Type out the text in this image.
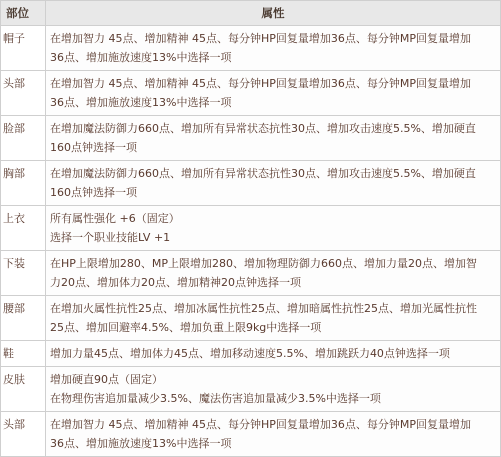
部位	属性
帽子	在增加智力 45点、增加精神 45点、每分钟HP回复量增加36点、每分钟MP回复量增加
36点、增加施放速度13%中选择一项

头部	在增加智力 45点、增加精神 45点、每分钟HP回复量增加36点、每分钟MP回复量增加
36点、增加施放速度13%中选择一项

脸部	在增加魔法防御力660点、增加所有异常状态抗性30点、增加攻击速度5.5%、增加硬直
160点钟选择一项

胸部	在增加魔法防御力660点、增加所有异常状态抗性30点、增加攻击速度5.5%、增加硬直
160点钟选择一项

上衣	所有属性强化 +6（固定）
选择一个职业技能LV +1

下装	在HP上限增加280、MP上限增加280、增加物理防御力660点、增加力量20点、增加智
力20点、增加体力20点、增加精神20点钟选择一项

腰部	在增加火属性抗性25点、增加冰属性抗性25点、增加暗属性抗性25点、增加光属性抗性
25点、增加回避率4.5%、增加负重上限9kg中选择一项

鞋	增加力量45点、增加体力45点、增加移动速度5.5%、增加跳跃力40点钟选择一项

皮肤	增加硬直90点（固定）
在物理伤害追加量减少3.5%、魔法伤害追加量减少3.5%中选择一项

头部	在增加智力 45点、增加精神 45点、每分钟HP回复量增加36点、每分钟MP回复量增加
36点、增加施放速度13%中选择一项
